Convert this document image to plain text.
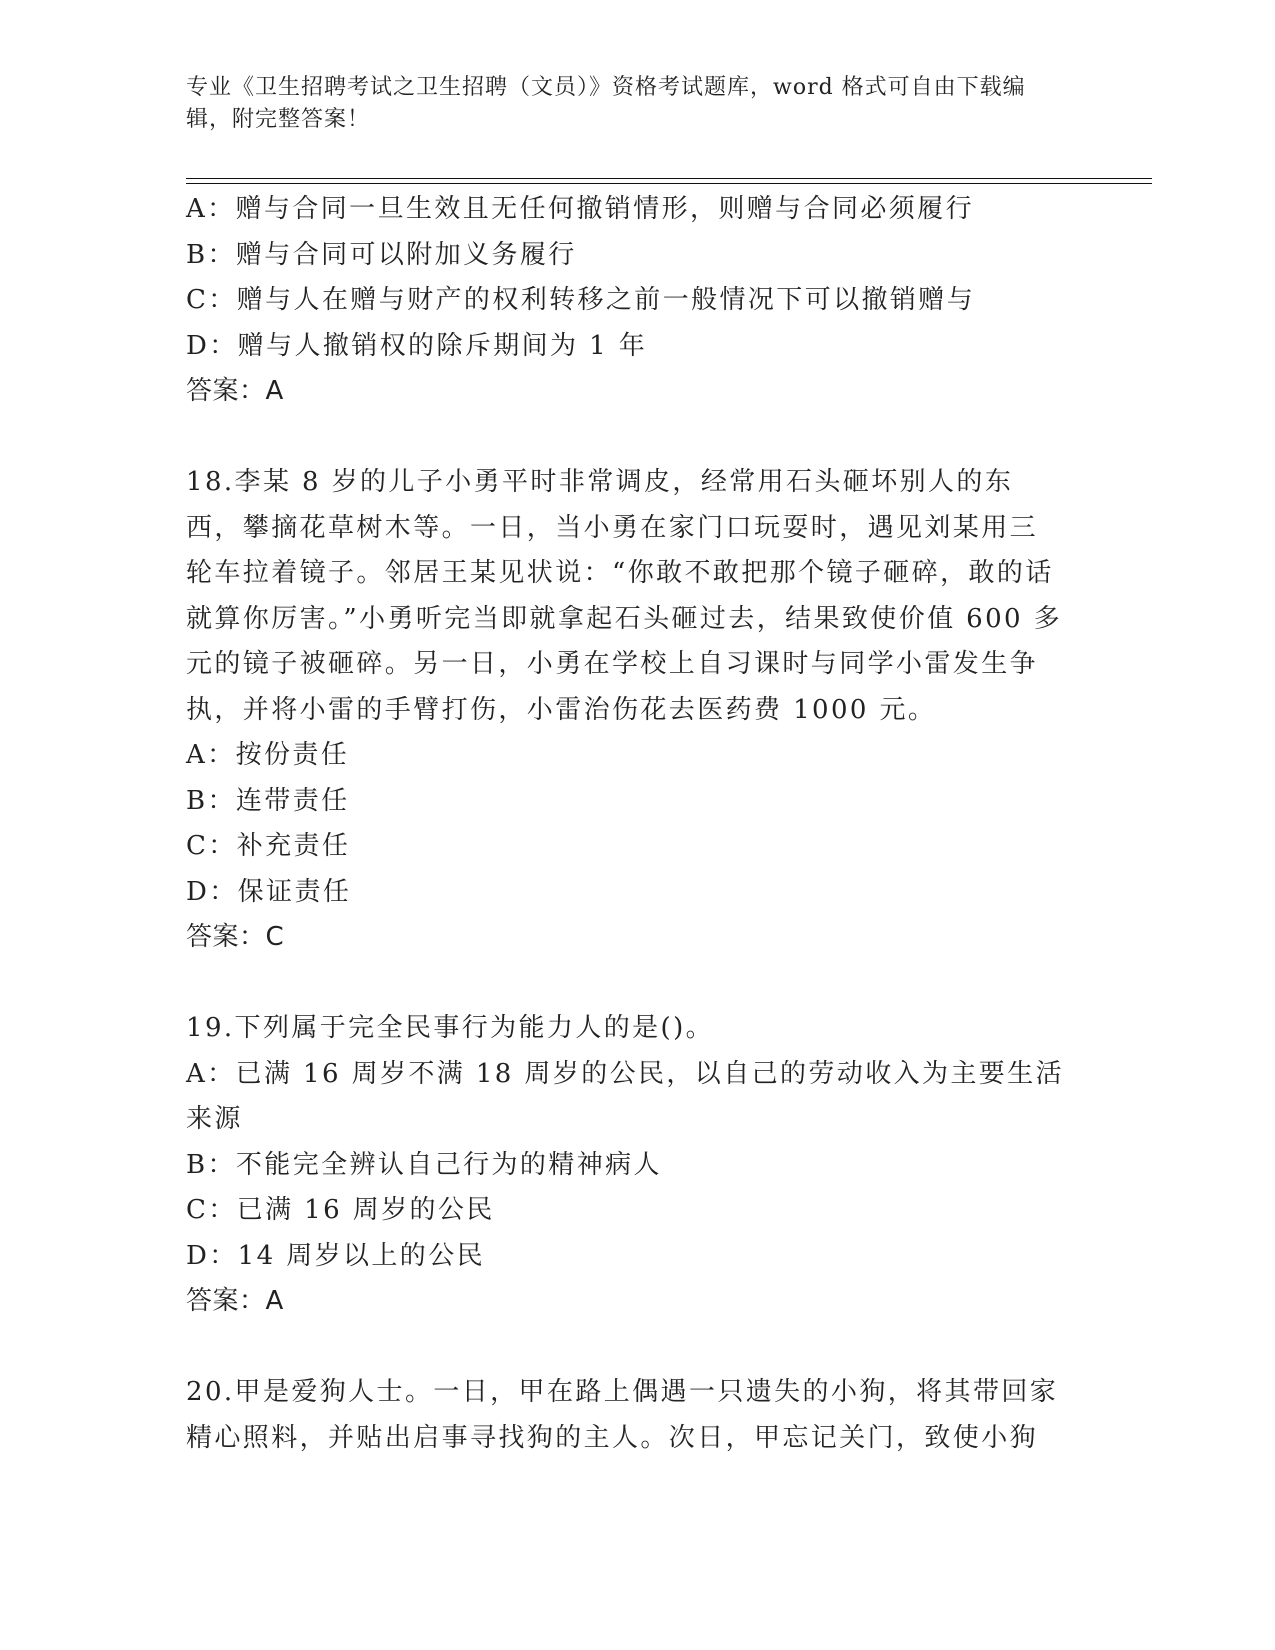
专业《卫生招聘考试之卫生招聘（文员）》资格考试题库，word 格式可自由下载编辑，附完整答案！
A：赠与合同一旦生效且无任何撤销情形，则赠与合同必须履行
B：赠与合同可以附加义务履行
C：赠与人在赠与财产的权利转移之前一般情况下可以撤销赠与
D：赠与人撤销权的除斥期间为 1 年
答案：A
18.李某 8 岁的儿子小勇平时非常调皮，经常用石头砸坏别人的东西，攀摘花草树木等。一日，当小勇在家门口玩耍时，遇见刘某用三轮车拉着镜子。邻居王某见状说：“你敢不敢把那个镜子砸碎，敢的话就算你厉害。”小勇听完当即就拿起石头砸过去，结果致使价值 600 多元的镜子被砸碎。另一日，小勇在学校上自习课时与同学小雷发生争执，并将小雷的手臂打伤，小雷治伤花去医药费 1000 元。
A：按份责任
B：连带责任
C：补充责任
D：保证责任
答案：C
19.下列属于完全民事行为能力人的是()。
A：已满 16 周岁不满 18 周岁的公民，以自己的劳动收入为主要生活来源
B：不能完全辨认自己行为的精神病人
C：已满 16 周岁的公民
D：14 周岁以上的公民
答案：A
20.甲是爱狗人士。一日，甲在路上偶遇一只遗失的小狗，将其带回家精心照料，并贴出启事寻找狗的主人。次日，甲忘记关门，致使小狗
